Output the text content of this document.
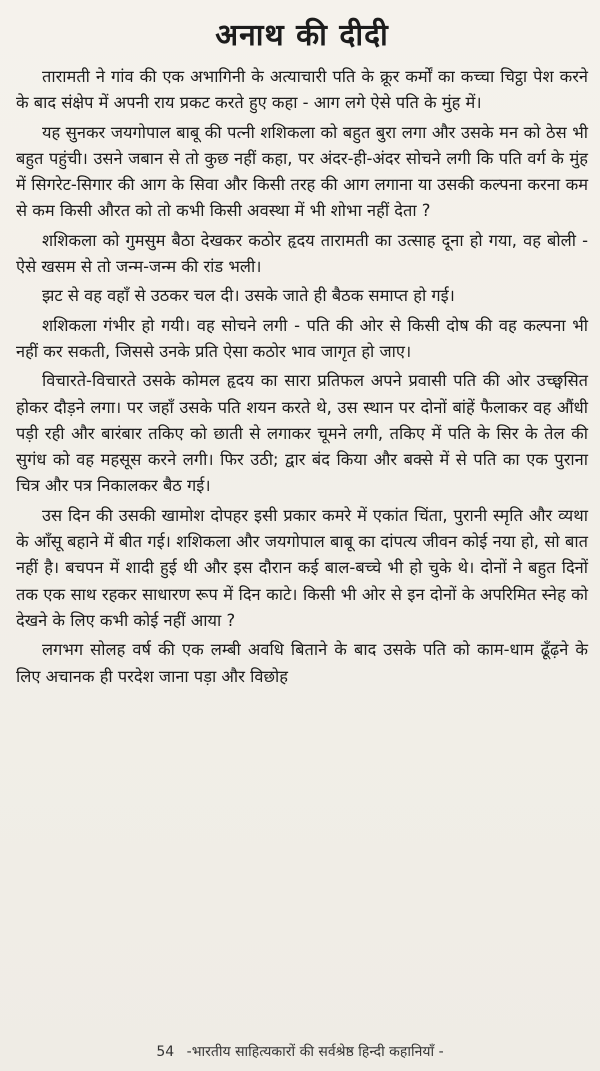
अनाथ की दीदी

तारामती ने गांव की एक अभागिनी के अत्याचारी पति के क्रूर कर्मों का कच्चा चिट्ठा पेश करने के बाद संक्षेप में अपनी राय प्रकट करते हुए कहा - आग लगे ऐसे पति के मुंह में।

यह सुनकर जयगोपाल बाबू की पत्नी शशिकला को बहुत बुरा लगा और उसके मन को ठेस भी बहुत पहुंची। उसने जबान से तो कुछ नहीं कहा, पर अंदर-ही-अंदर सोचने लगी कि पति वर्ग के मुंह में सिगरेट-सिगार की आग के सिवा और किसी तरह की आग लगाना या उसकी कल्पना करना कम से कम किसी औरत को तो कभी किसी अवस्था में भी शोभा नहीं देता ?

शशिकला को गुमसुम बैठा देखकर कठोर हृदय तारामती का उत्साह दूना हो गया, वह बोली - ऐसे खसम से तो जन्म-जन्म की रांड भली।

झट से वह वहाँ से उठकर चल दी। उसके जाते ही बैठक समाप्त हो गई।

शशिकला गंभीर हो गयी। वह सोचने लगी - पति की ओर से किसी दोष की वह कल्पना भी नहीं कर सकती, जिससे उनके प्रति ऐसा कठोर भाव जागृत हो जाए।

विचारते-विचारते उसके कोमल हृदय का सारा प्रतिफल अपने प्रवासी पति की ओर उच्छ्वसित होकर दौड़ने लगा। पर जहाँ उसके पति शयन करते थे, उस स्थान पर दोनों बांहें फैलाकर वह औंधी पड़ी रही और बारंबार तकिए को छाती से लगाकर चूमने लगी, तकिए में पति के सिर के तेल की सुगंध को वह महसूस करने लगी। फिर उठी; द्वार बंद किया और बक्से में से पति का एक पुराना चित्र और पत्र निकालकर बैठ गई।

उस दिन की उसकी खामोश दोपहर इसी प्रकार कमरे में एकांत चिंता, पुरानी स्मृति और व्यथा के आँसू बहाने में बीत गई। शशिकला और जयगोपाल बाबू का दांपत्य जीवन कोई नया हो, सो बात नहीं है। बचपन में शादी हुई थी और इस दौरान कई बाल-बच्चे भी हो चुके थे। दोनों ने बहुत दिनों तक एक साथ रहकर साधारण रूप में दिन काटे। किसी भी ओर से इन दोनों के अपरिमित स्नेह को देखने के लिए कभी कोई नहीं आया ?

लगभग सोलह वर्ष की एक लम्बी अवधि बिताने के बाद उसके पति को काम-धाम ढूँढ़ने के लिए अचानक ही परदेश जाना पड़ा और विछोह

54 -भारतीय साहित्यकारों की सर्वश्रेष्ठ हिन्दी कहानियाँ -
